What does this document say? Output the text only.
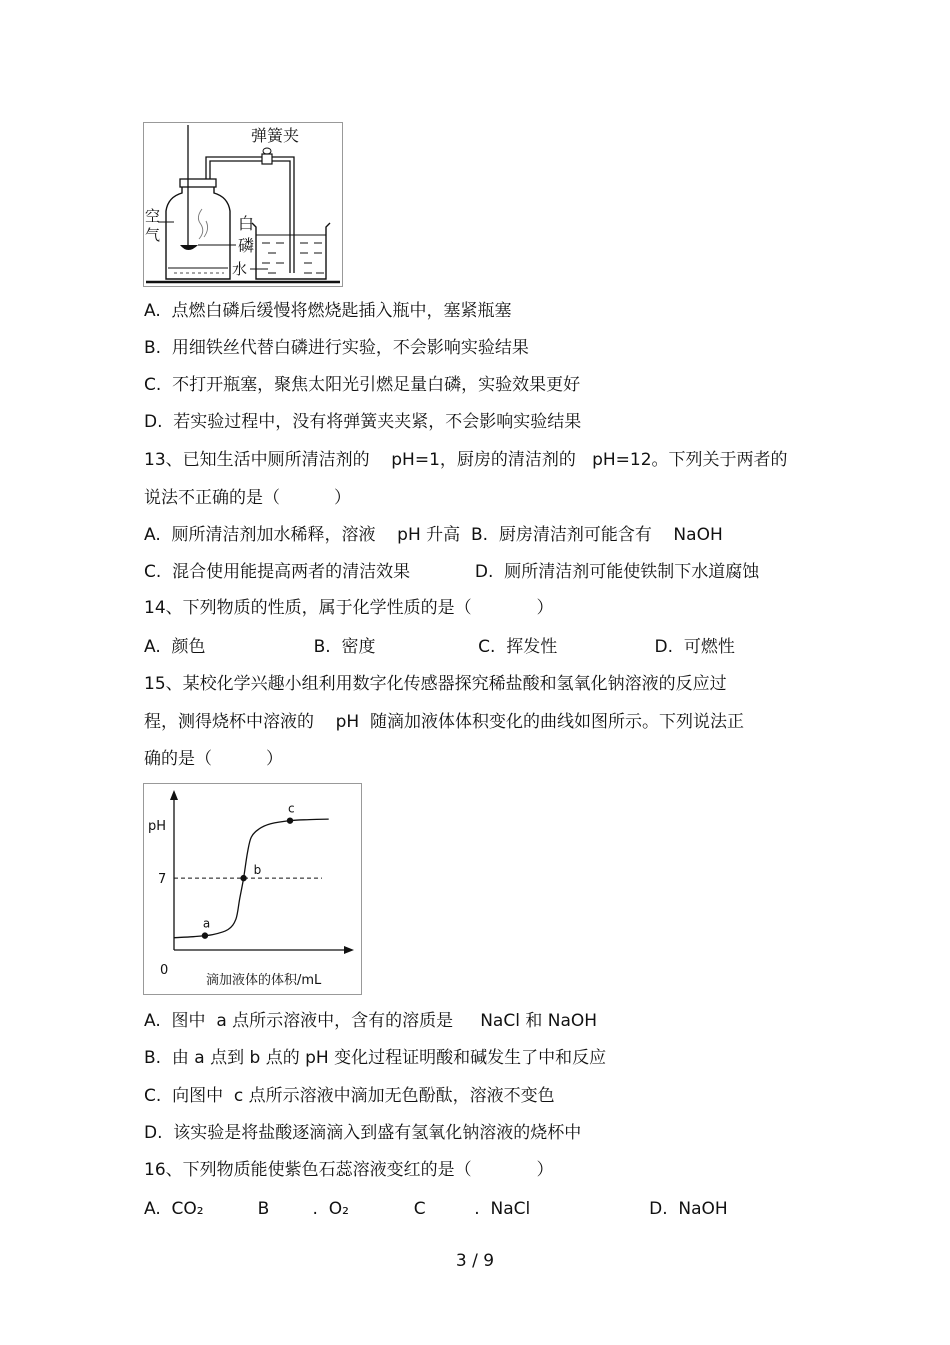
弹簧夹
空
气
白
磷
水
A.  点燃白磷后缓慢将燃烧匙插入瓶中，塞紧瓶塞
B.  用细铁丝代替白磷进行实验，不会影响实验结果
C.  不打开瓶塞，聚焦太阳光引燃足量白磷，实验效果更好
D.  若实验过程中，没有将弹簧夹夹紧，不会影响实验结果
13、已知生活中厕所清洁剂的    pH=1，厨房的清洁剂的   pH=12。下列关于两者的
说法不正确的是（          ）
A.  厕所清洁剂加水稀释，溶液    pH 升高  B.  厨房清洁剂可能含有    NaOH
C.  混合使用能提高两者的清洁效果            D.  厕所清洁剂可能使铁制下水道腐蚀
14、下列物质的性质，属于化学性质的是（            ）
A.  颜色                    B.  密度                   C.  挥发性                  D.  可燃性
15、某校化学兴趣小组利用数字化传感器探究稀盐酸和氢氧化钠溶液的反应过
程，测得烧杯中溶液的    pH  随滴加液体体积变化的曲线如图所示。下列说法正
确的是（          ）
a
b
c
pH
7
0
滴加液体的体积/mL
A.  图中  a 点所示溶液中，含有的溶质是     NaCl 和 NaOH
B.  由 a 点到 b 点的 pH 变化过程证明酸和碱发生了中和反应
C.  向图中  c 点所示溶液中滴加无色酚酞，溶液不变色
D.  该实验是将盐酸逐滴滴入到盛有氢氧化钠溶液的烧杯中
16、下列物质能使紫色石蕊溶液变红的是（            ）
A.  CO₂          B        .  O₂            C         .  NaCl                      D.  NaOH
3 / 9
